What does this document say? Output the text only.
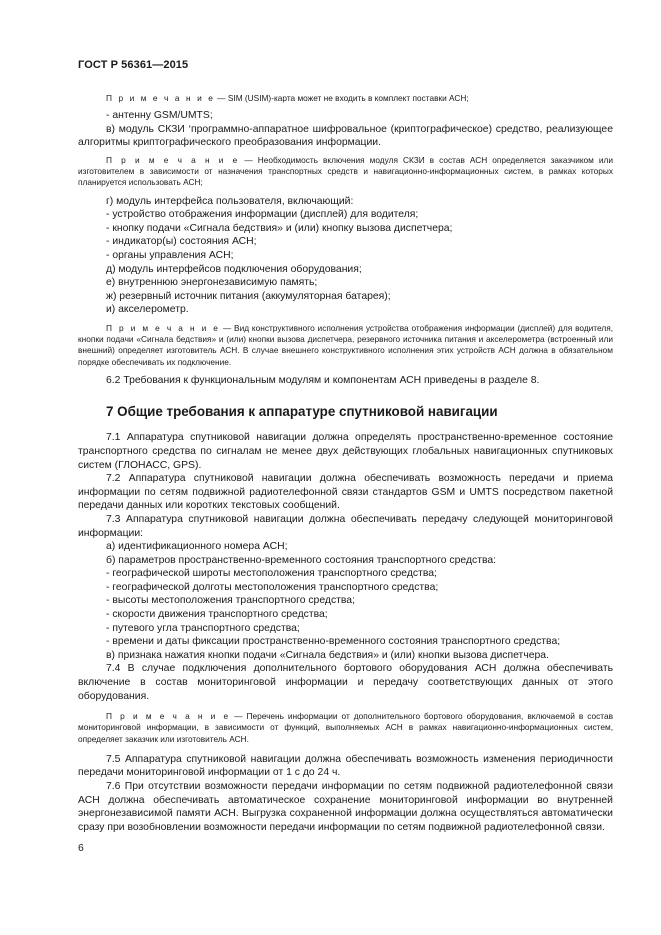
ГОСТ Р 56361—2015

П р и м е ч а н и е — SIM (USIM)-карта может не входить в комплект поставки АСН;

- антенну GSM/UMTS;

в) модуль СКЗИ ‘программно-аппаратное шифровальное (криптографическое) средство, реализующее алгоритмы криптографического преобразования информации.

П р и м е ч а н и е — Необходимость включения модуля СКЗИ в состав АСН определяется заказчиком или изготовителем в зависимости от назначения транспортных средств и навигационно-информационных систем, в рамках которых планируется использовать АСН;

г) модуль интерфейса пользователя, включающий:

- устройство отображения информации (дисплей) для водителя;

- кнопку подачи «Сигнала бедствия» и (или) кнопку вызова диспетчера;

- индикатор(ы) состояния АСН;

- органы управления АСН;

д) модуль интерфейсов подключения оборудования;

е) внутреннюю энергонезависимую память;

ж) резервный источник питания (аккумуляторная батарея);

и) акселерометр.

П р и м е ч а н и е — Вид конструктивного исполнения устройства отображения информации (дисплей) для водителя, кнопки подачи «Сигнала бедствия» и (или) кнопки вызова диспетчера, резервного источника питания и акселерометра (встроенный или внешний) определяет изготовитель АСН. В случае внешнего конструктивного исполнения этих устройств АСН должна в обязательном порядке обеспечивать их подключение.

6.2 Требования к функциональным модулям и компонентам АСН приведены в разделе 8.

7 Общие требования к аппаратуре спутниковой навигации

7.1 Аппаратура спутниковой навигации должна определять пространственно-временное состояние транспортного средства по сигналам не менее двух действующих глобальных навигационных спутниковых систем (ГЛОНАСС, GPS).

7.2 Аппаратура спутниковой навигации должна обеспечивать возможность передачи и приема информации по сетям подвижной радиотелефонной связи стандартов GSM и UMTS посредством пакетной передачи данных или коротких текстовых сообщений.

7.3 Аппаратура спутниковой навигации должна обеспечивать передачу следующей мониторинговой информации:

а) идентификационного номера АСН;

б) параметров пространственно-временного состояния транспортного средства:

- географической широты местоположения транспортного средства;

- географической долготы местоположения транспортного средства;

- высоты местоположения транспортного средства;

- скорости движения транспортного средства;

- путевого угла транспортного средства;

- времени и даты фиксации пространственно-временного состояния транспортного средства;

в) признака нажатия кнопки подачи «Сигнала бедствия» и (или) кнопки вызова диспетчера.

7.4 В случае подключения дополнительного бортового оборудования АСН должна обеспечивать включение в состав мониторинговой информации и передачу соответствующих данных от этого оборудования.

П р и м е ч а н и е — Перечень информации от дополнительного бортового оборудования, включаемой в состав мониторинговой информации, в зависимости от функций, выполняемых АСН в рамках навигационно-информационных систем, определяет заказчик или изготовитель АСН.

7.5 Аппаратура спутниковой навигации должна обеспечивать возможность изменения периодичности передачи мониторинговой информации от 1 с до 24 ч.

7.6 При отсутствии возможности передачи информации по сетям подвижной радиотелефонной связи АСН должна обеспечивать автоматическое сохранение мониторинговой информации во внутренней энергонезависимой памяти АСН. Выгрузка сохраненной информации должна осуществляться автоматически сразу при возобновлении возможности передачи информации по сетям подвижной радиотелефонной связи.

6
